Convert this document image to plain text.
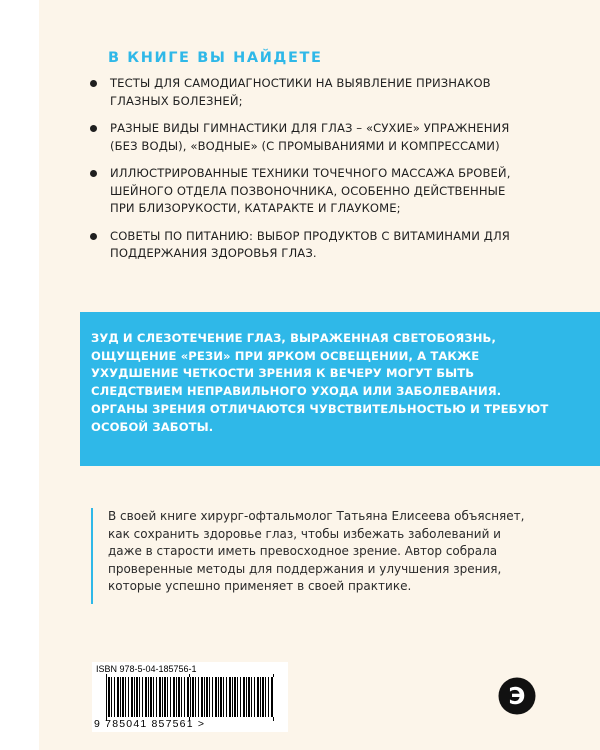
В КНИГЕ ВЫ НАЙДЕТЕ

ТЕСТЫ ДЛЯ САМОДИАГНОСТИКИ НА ВЫЯВЛЕНИЕ ПРИЗНАКОВ ГЛАЗНЫХ БОЛЕЗНЕЙ;
РАЗНЫЕ ВИДЫ ГИМНАСТИКИ ДЛЯ ГЛАЗ – «СУХИЕ» УПРАЖНЕНИЯ (БЕЗ ВОДЫ), «ВОДНЫЕ» (С ПРОМЫВАНИЯМИ И КОМПРЕССАМИ)
ИЛЛЮСТРИРОВАННЫЕ ТЕХНИКИ ТОЧЕЧНОГО МАССАЖА БРОВЕЙ, ШЕЙНОГО ОТДЕЛА ПОЗВОНОЧНИКА, ОСОБЕННО ДЕЙСТВЕННЫЕ ПРИ БЛИЗОРУКОСТИ, КАТАРАКТЕ И ГЛАУКОМЕ;
СОВЕТЫ ПО ПИТАНИЮ: ВЫБОР ПРОДУКТОВ С ВИТАМИНАМИ ДЛЯ ПОДДЕРЖАНИЯ ЗДОРОВЬЯ ГЛАЗ.

ЗУД И СЛЕЗОТЕЧЕНИЕ ГЛАЗ, ВЫРАЖЕННАЯ СВЕТОБОЯЗНЬ, ОЩУЩЕНИЕ «РЕЗИ» ПРИ ЯРКОМ ОСВЕЩЕНИИ, А ТАКЖЕ УХУДШЕНИЕ ЧЕТКОСТИ ЗРЕНИЯ К ВЕЧЕРУ МОГУТ БЫТЬ СЛЕДСТВИЕМ НЕПРАВИЛЬНОГО УХОДА ИЛИ ЗАБОЛЕВАНИЯ. ОРГАНЫ ЗРЕНИЯ ОТЛИЧАЮТСЯ ЧУВСТВИТЕЛЬНОСТЬЮ И ТРЕБУЮТ ОСОБОЙ ЗАБОТЫ.

В своей книге хирург-офтальмолог Татьяна Елисеева объясняет, как сохранить здоровье глаз, чтобы избежать заболеваний и даже в старости иметь превосходное зрение. Автор собрала проверенные методы для поддержания и улучшения зрения, которые успешно применяет в своей практике.

ISBN 978-5-04-185756-1

9 785041 857561 >

Э
